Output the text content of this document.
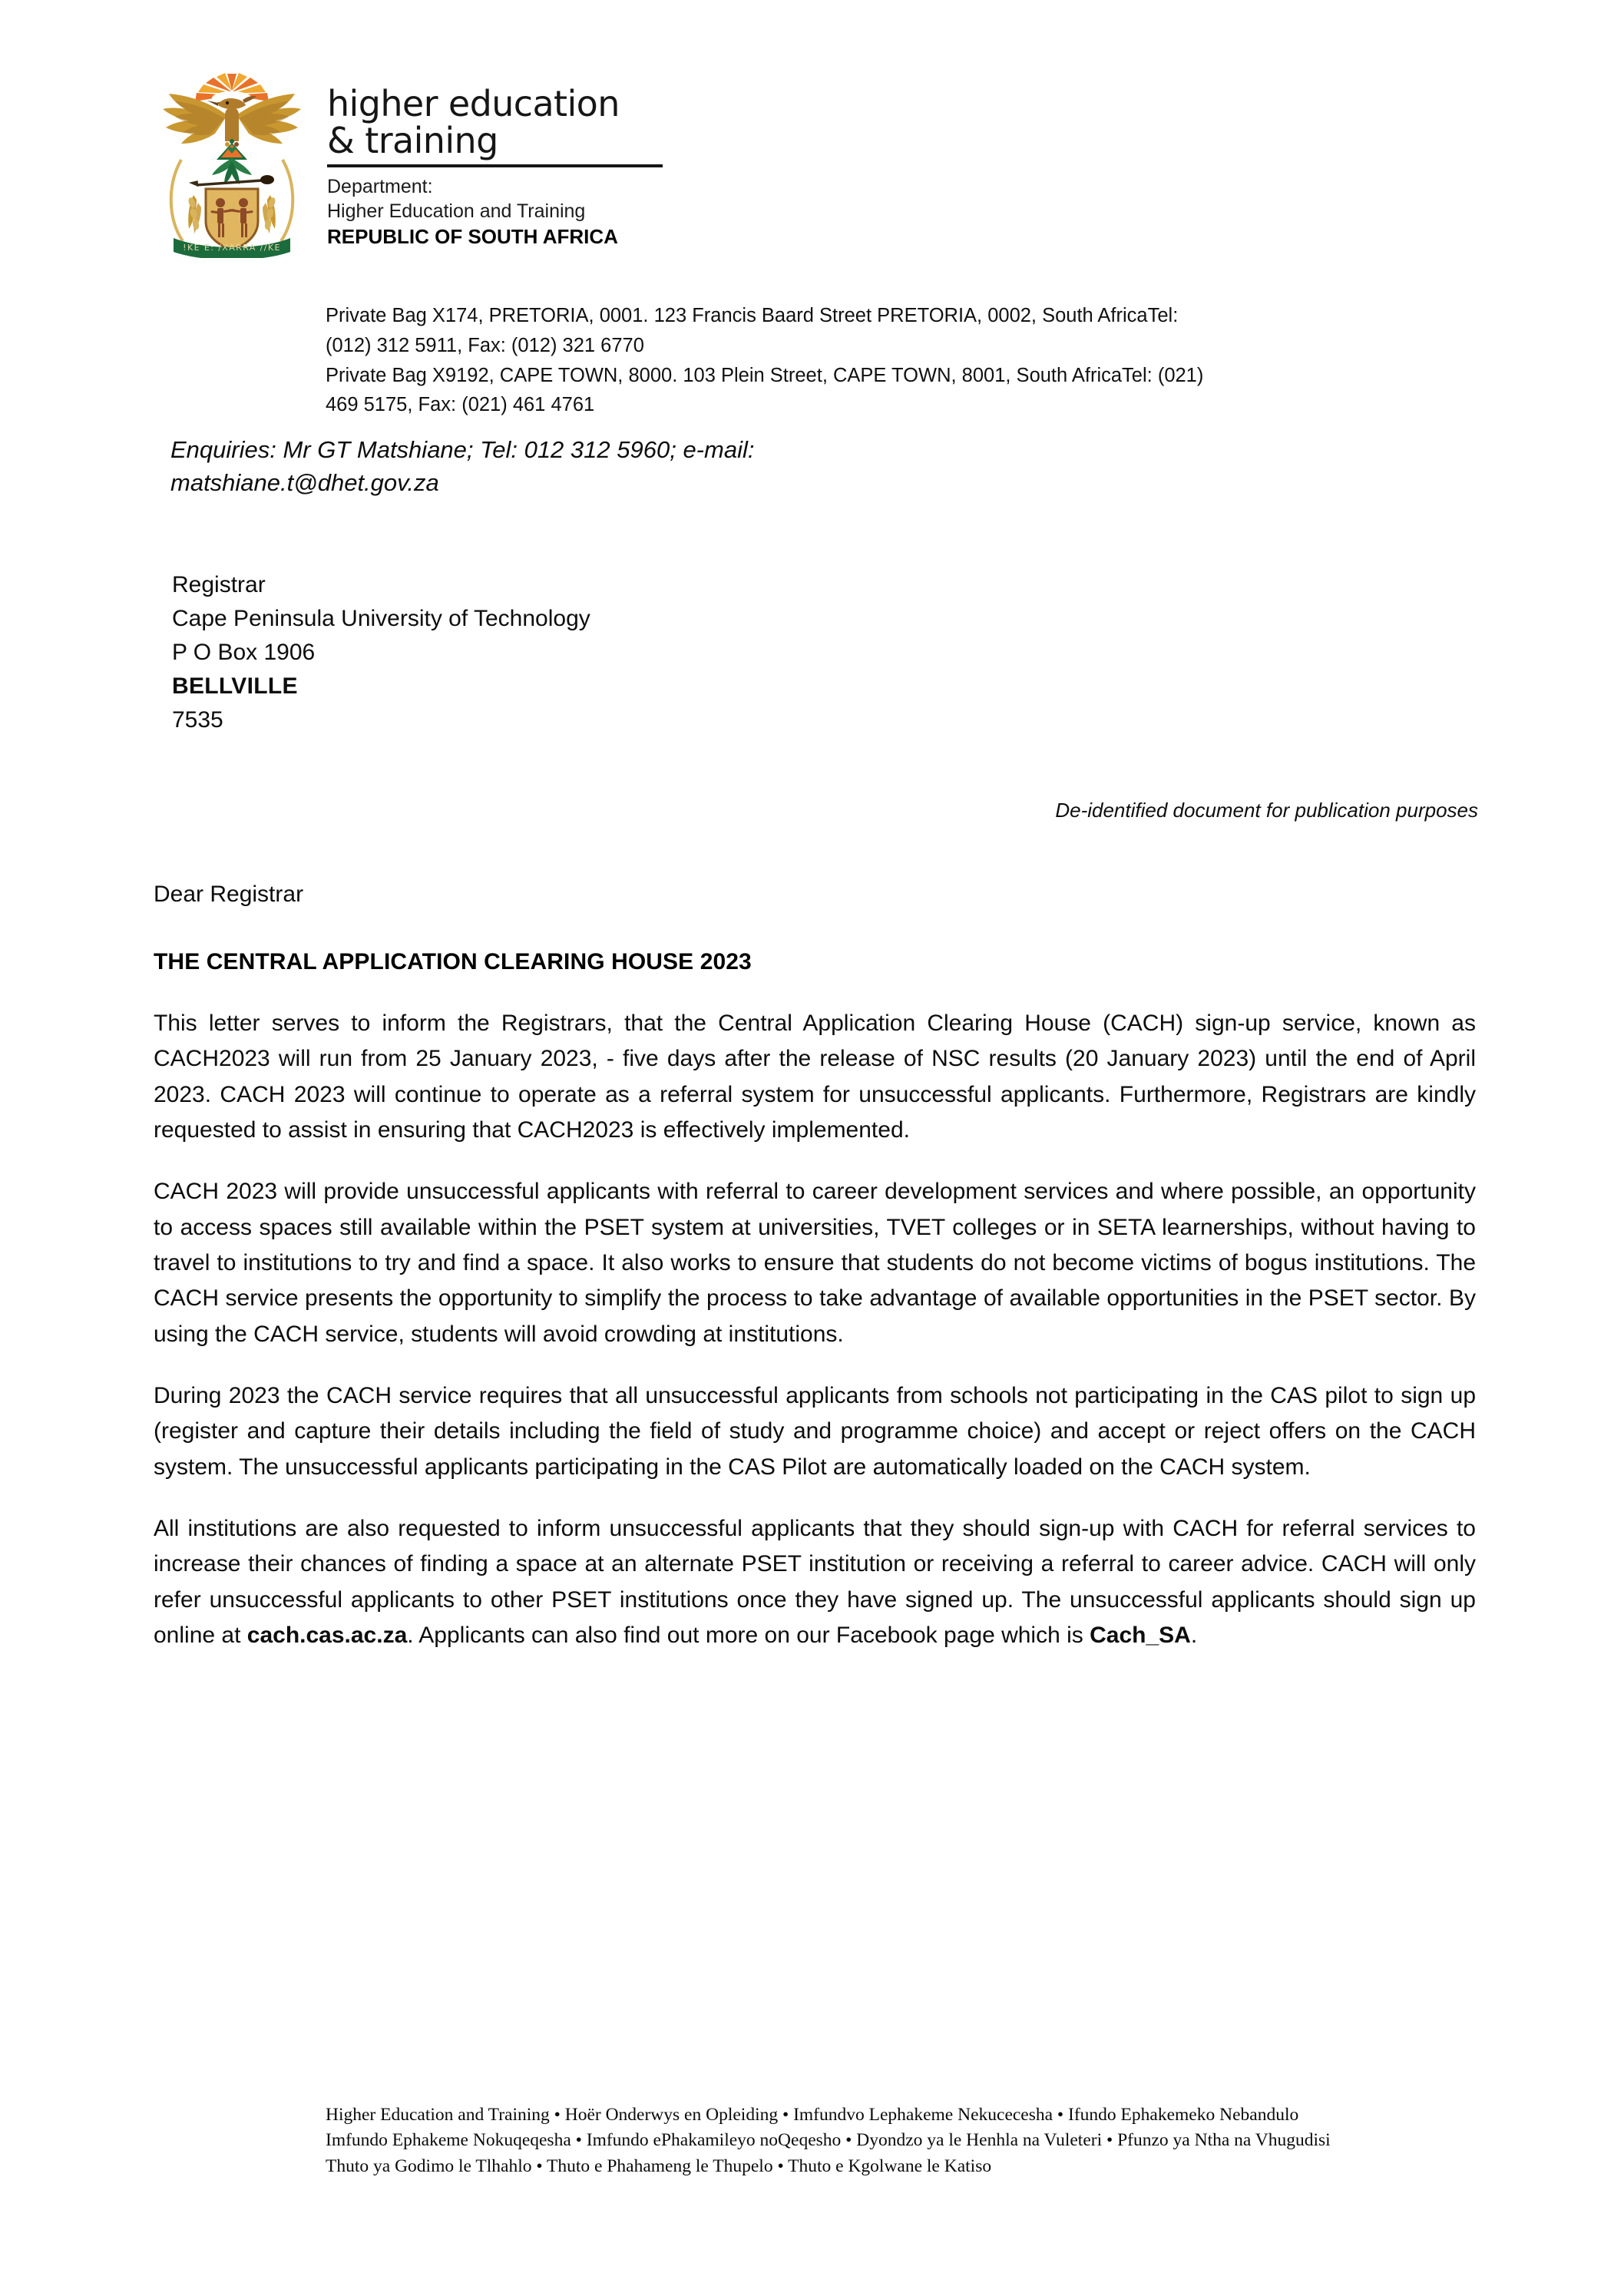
!KE E: /XARRA //KE
higher education
& training
Department:
Higher Education and Training
REPUBLIC OF SOUTH AFRICA
Private Bag X174, PRETORIA, 0001. 123 Francis Baard Street PRETORIA, 0002, South AfricaTel:
(012) 312 5911, Fax: (012) 321 6770
Private Bag X9192, CAPE TOWN, 8000. 103 Plein Street, CAPE TOWN, 8001, South AfricaTel: (021)
469 5175, Fax: (021) 461 4761
Enquiries: Mr GT Matshiane; Tel: 012 312 5960; e-mail:
matshiane.t@dhet.gov.za
Registrar
Cape Peninsula University of Technology
P O Box 1906
BELLVILLE
7535
De-identified document for publication purposes
Dear Registrar
THE CENTRAL APPLICATION CLEARING HOUSE 2023

This letter serves to inform the Registrars, that the Central Application Clearing House (CACH) sign-up service, known as CACH2023 will run from 25 January 2023, - five days after the release of NSC results (20 January 2023) until the end of April 2023. CACH 2023 will continue to operate as a referral system for unsuccessful applicants. Furthermore, Registrars are kindly requested to assist in ensuring that CACH2023 is effectively implemented.

CACH 2023 will provide unsuccessful applicants with referral to career development services and where possible, an opportunity to access spaces still available within the PSET system at universities, TVET colleges or in SETA learnerships, without having to travel to institutions to try and find a space. It also works to ensure that students do not become victims of bogus institutions. The CACH service presents the opportunity to simplify the process to take advantage of available opportunities in the PSET sector. By using the CACH service, students will avoid crowding at institutions.

During 2023 the CACH service requires that all unsuccessful applicants from schools not participating in the CAS pilot to sign up (register and capture their details including the field of study and programme choice) and accept or reject offers on the CACH system. The unsuccessful applicants participating in the CAS Pilot are automatically loaded on the CACH system.

All institutions are also requested to inform unsuccessful applicants that they should sign-up with CACH for referral services to increase their chances of finding a space at an alternate PSET institution or receiving a referral to career advice. CACH will only refer unsuccessful applicants to other PSET institutions once they have signed up. The unsuccessful applicants should sign up online at cach.cas.ac.za. Applicants can also find out more on our Facebook page which is Cach_SA.

Higher Education and Training • Hoër Onderwys en Opleiding • Imfundvo Lephakeme Nekucecesha • Ifundo Ephakemeko Nebandulo
Imfundo Ephakeme Nokuqeqesha • Imfundo ePhakamileyo noQeqesho • Dyondzo ya le Henhla na Vuleteri • Pfunzo ya Ntha na Vhugudisi
Thuto ya Godimo le Tlhahlo • Thuto e Phahameng le Thupelo • Thuto e Kgolwane le Katiso
